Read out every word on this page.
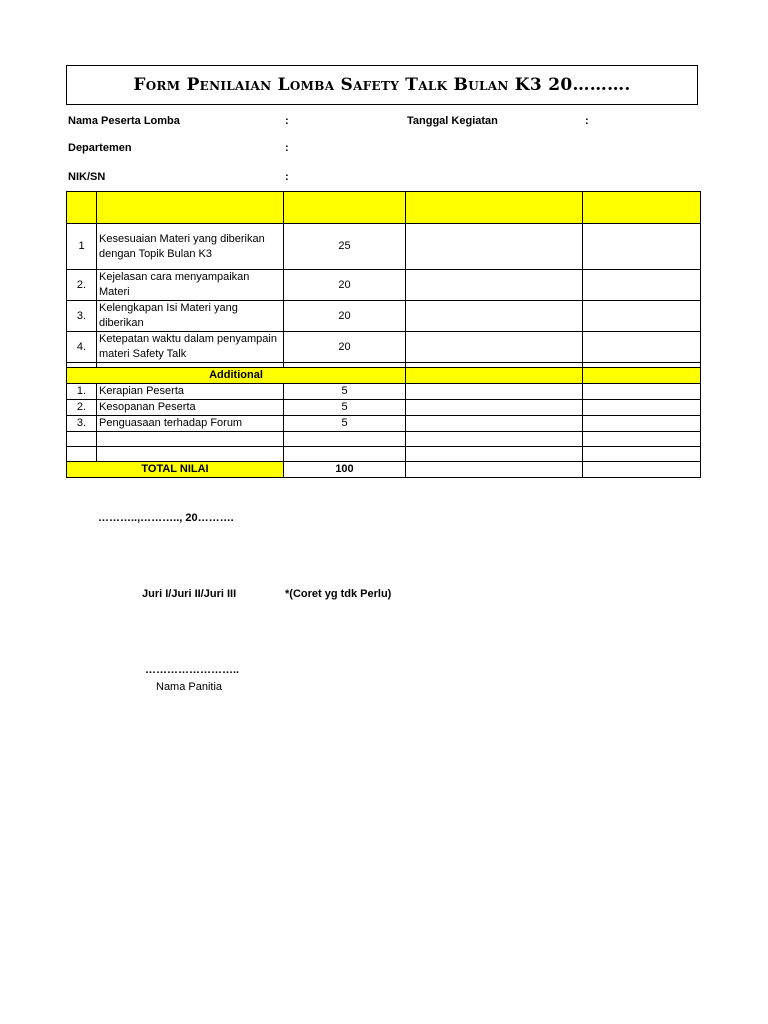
Form Penilaian Lomba Safety Talk Bulan K3 20……….
Nama Peserta Lomba	:	Tanggal Kegiatan	:
Departemen	:
NIK/SN	:

1	Kesesuaian Materi yang diberikan dengan Topik Bulan K3	25		
2.	Kejelasan cara menyampaikan Materi	20		
3.	Kelengkapan Isi Materi yang diberikan	20		
4.	Ketepatan waktu dalam penyampain materi Safety Talk	20		

Additional				
1.	Kerapian Peserta	5		
2.	Kesopanan Peserta	5		
3.	Penguasaan terhadap Forum	5		

TOTAL NILAI		100		
………..,……….., 20……….
Juri I/Juri II/Juri III	*(Coret yg tdk Perlu)
……………………..
Nama Panitia
